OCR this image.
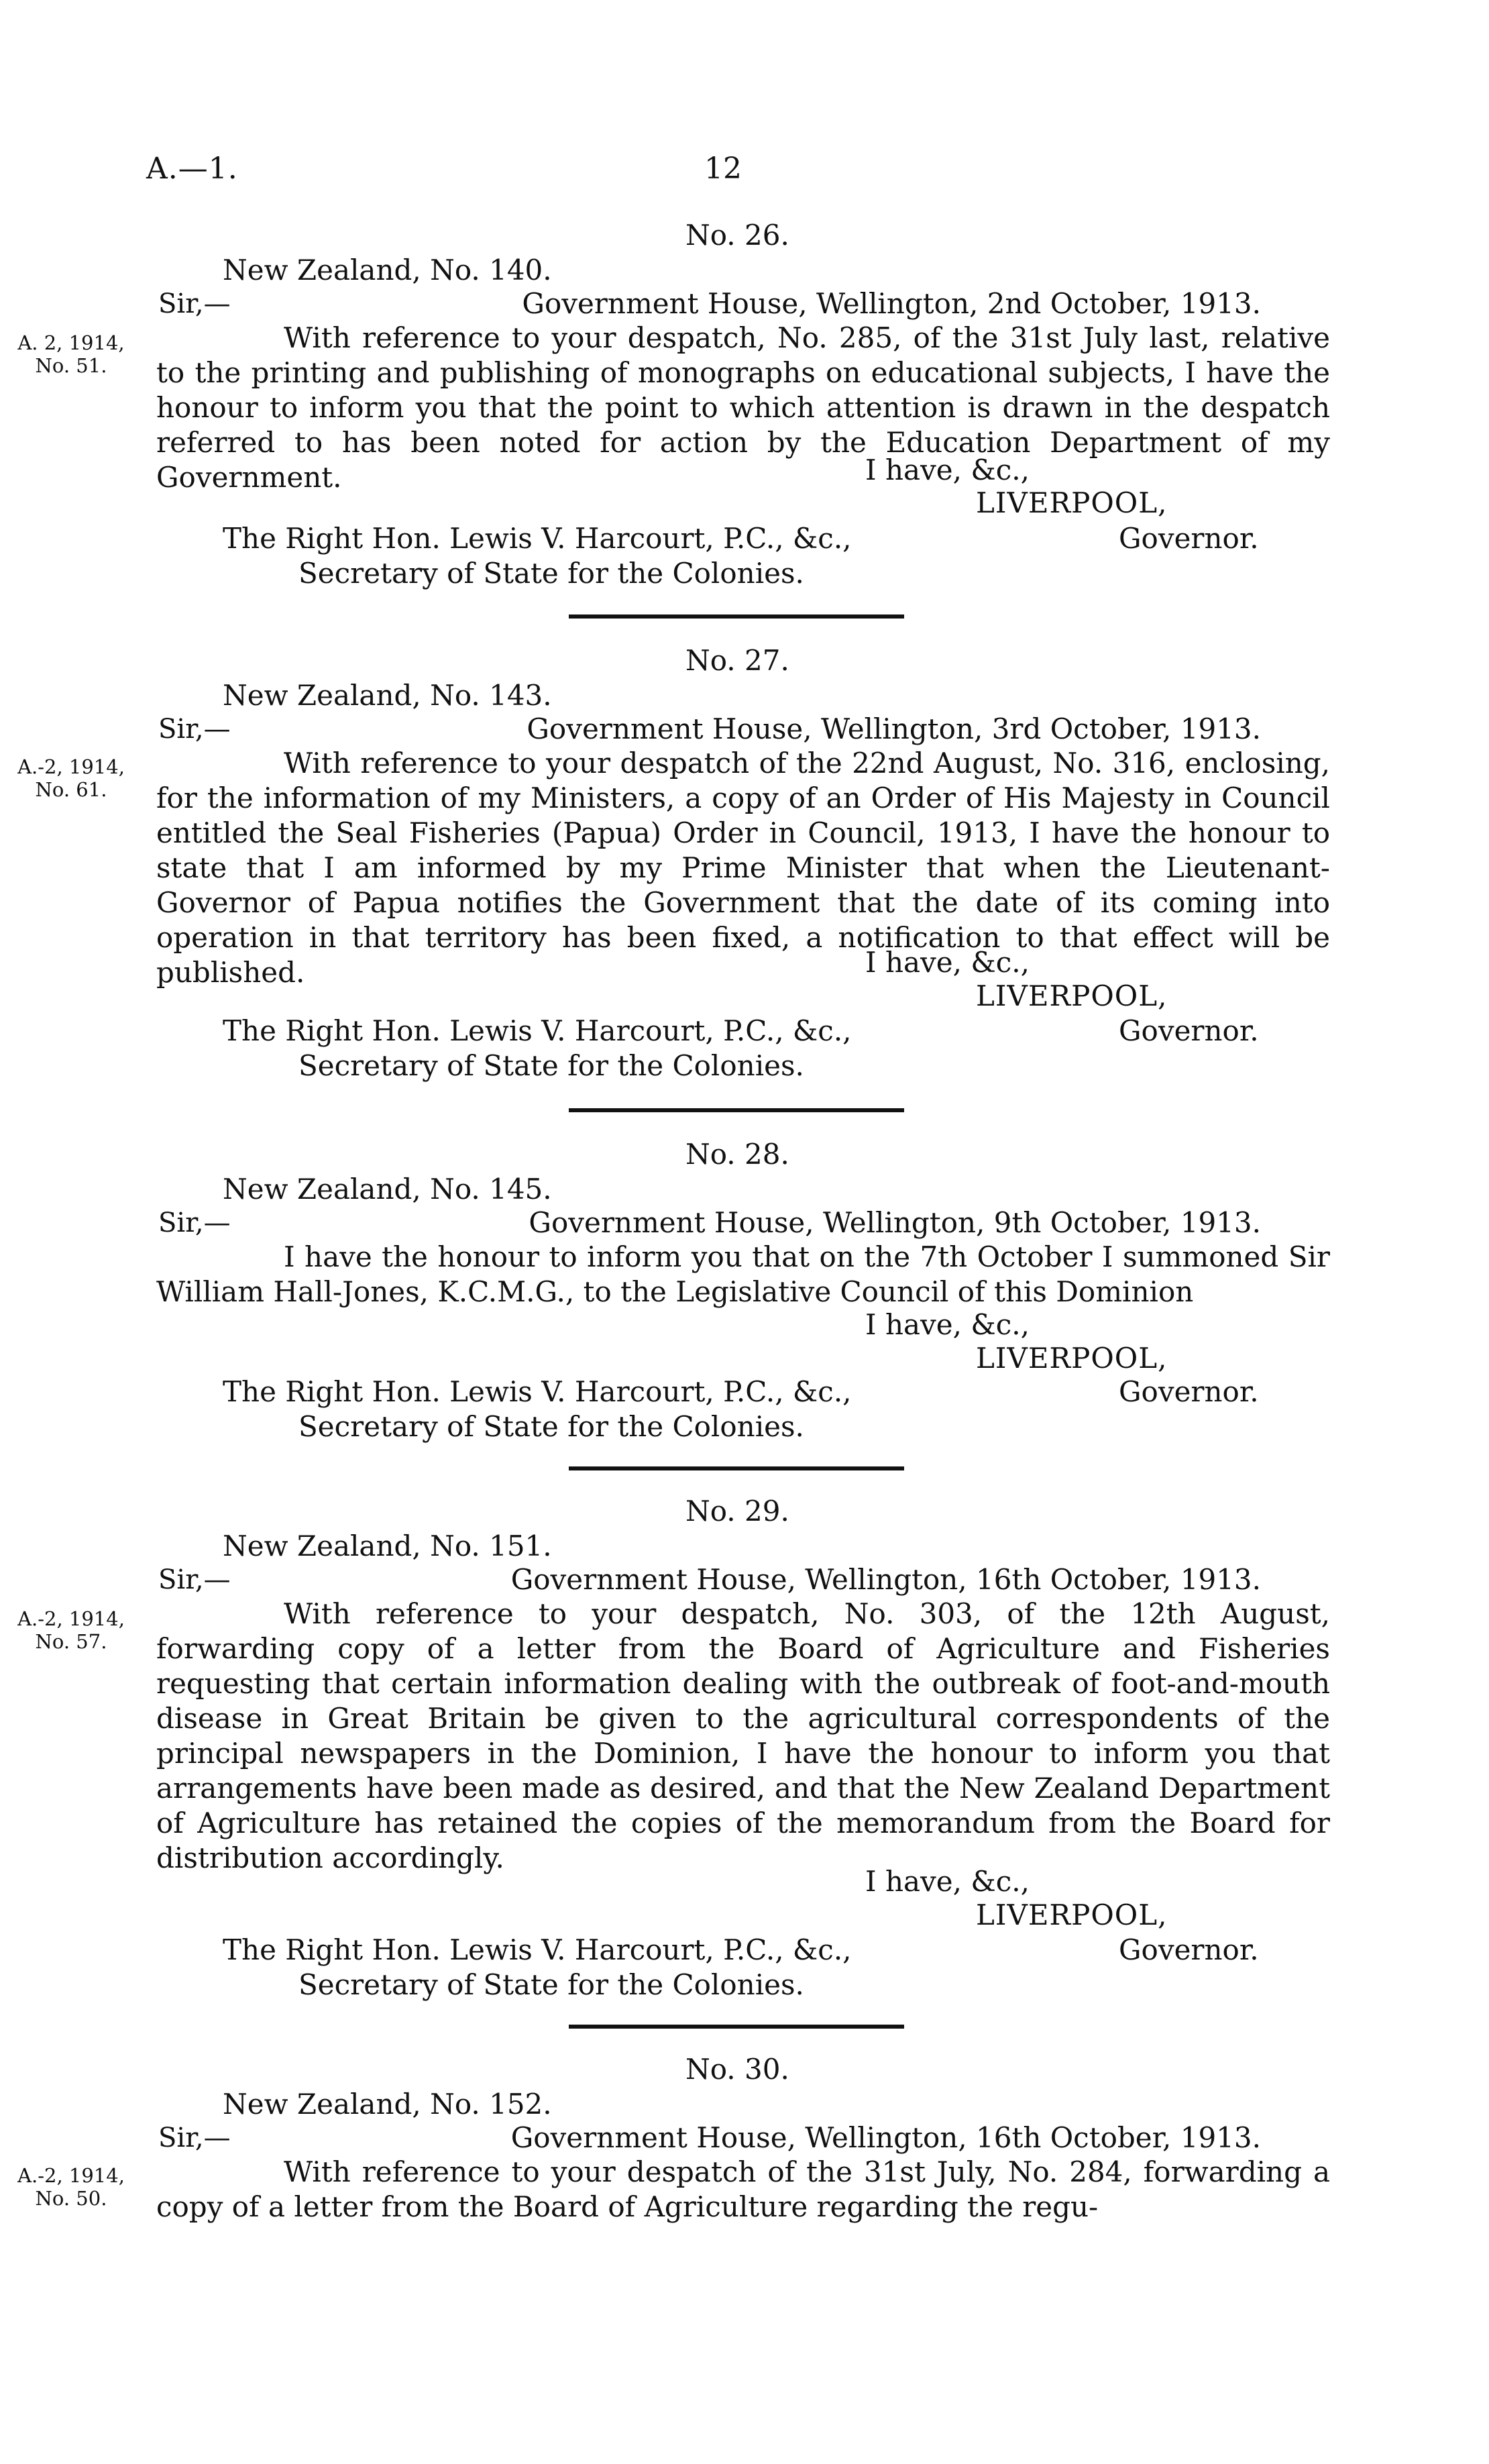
A.—1.	12
No. 26.
New Zealand, No. 140.
Sir,—	Government House, Wellington, 2nd October, 1913.
A. 2, 1914,
No. 51.

With reference to your despatch, No. 285, of the 31st July last, relative to the printing and publishing of monographs on educational subjects, I have the honour to inform you that the point to which attention is drawn in the despatch referred to has been noted for action by the Education Department of my Government.	I have, &c.,
LIVERPOOL,
The Right Hon. Lewis V. Harcourt, P.C., &c.,	Governor.
Secretary of State for the Colonies.
No. 27.
New Zealand, No. 143.
Sir,—	Government House, Wellington, 3rd October, 1913.
A.-2, 1914,
No. 61.

With reference to your despatch of the 22nd August, No. 316, enclosing, for the information of my Ministers, a copy of an Order of His Majesty in Council entitled the Seal Fisheries (Papua) Order in Council, 1913, I have the honour to state that I am informed by my Prime Minister that when the Lieutenant-Governor of Papua notifies the Government that the date of its coming into operation in that territory has been fixed, a notification to that effect will be published.	I have, &c.,
LIVERPOOL,
The Right Hon. Lewis V. Harcourt, P.C., &c.,	Governor.
Secretary of State for the Colonies.
No. 28.
New Zealand, No. 145.
Sir,—	Government House, Wellington, 9th October, 1913.

I have the honour to inform you that on the 7th October I summoned Sir William Hall-Jones, K.C.M.G., to the Legislative Council of this Dominion

I have, &c.,
LIVERPOOL,
The Right Hon. Lewis V. Harcourt, P.C., &c.,	Governor.
Secretary of State for the Colonies.
No. 29.
New Zealand, No. 151.
Sir,—	Government House, Wellington, 16th October, 1913.
A.-2, 1914,
No. 57.

With reference to your despatch, No. 303, of the 12th August, forwarding copy of a letter from the Board of Agriculture and Fisheries requesting that certain information dealing with the outbreak of foot-and-mouth disease in Great Britain be given to the agricultural correspondents of the principal newspapers in the Dominion, I have the honour to inform you that arrangements have been made as desired, and that the New Zealand Department of Agriculture has retained the copies of the memorandum from the Board for distribution accordingly.

I have, &c.,
LIVERPOOL,
The Right Hon. Lewis V. Harcourt, P.C., &c.,	Governor.
Secretary of State for the Colonies.
No. 30.
New Zealand, No. 152.
Sir,—	Government House, Wellington, 16th October, 1913.
A.-2, 1914,
No. 50.

With reference to your despatch of the 31st July, No. 284, forwarding a copy of a letter from the Board of Agriculture regarding the regu-
